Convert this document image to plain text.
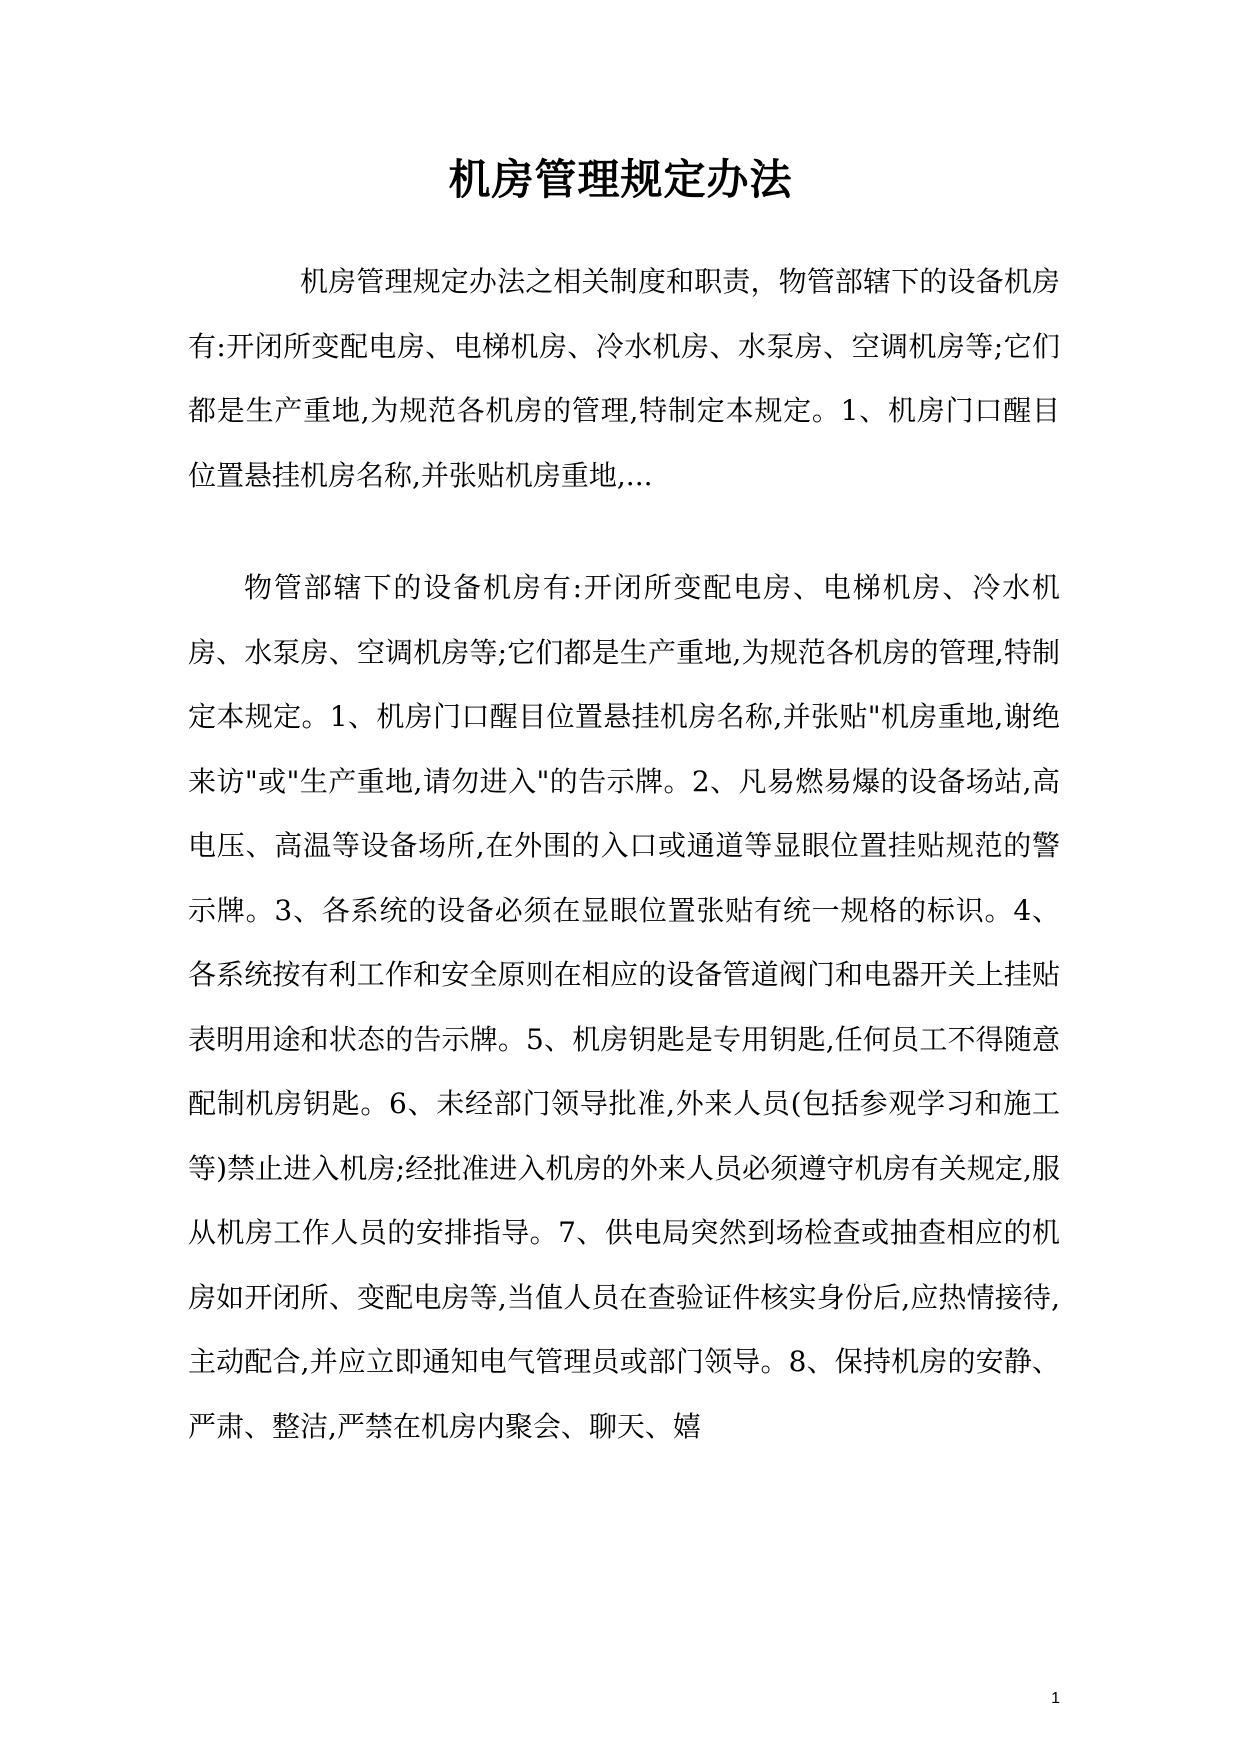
机房管理规定办法

机房管理规定办法之相关制度和职责，物管部辖下的设备机房有:开闭所变配电房、电梯机房、冷水机房、水泵房、空调机房等;它们都是生产重地,为规范各机房的管理,特制定本规定。1、机房门口醒目位置悬挂机房名称,并张贴机房重地,...

物管部辖下的设备机房有:开闭所变配电房、电梯机房、冷水机房、水泵房、空调机房等;它们都是生产重地,为规范各机房的管理,特制定本规定。1、机房门口醒目位置悬挂机房名称,并张贴"机房重地,谢绝来访"或"生产重地,请勿进入"的告示牌。2、凡易燃易爆的设备场站,高电压、高温等设备场所,在外围的入口或通道等显眼位置挂贴规范的警示牌。3、各系统的设备必须在显眼位置张贴有统一规格的标识。4、各系统按有利工作和安全原则在相应的设备管道阀门和电器开关上挂贴表明用途和状态的告示牌。5、机房钥匙是专用钥匙,任何员工不得随意配制机房钥匙。6、未经部门领导批准,外来人员(包括参观学习和施工等)禁止进入机房;经批准进入机房的外来人员必须遵守机房有关规定,服从机房工作人员的安排指导。7、供电局突然到场检查或抽查相应的机房如开闭所、变配电房等,当值人员在查验证件核实身份后,应热情接待,主动配合,并应立即通知电气管理员或部门领导。8、保持机房的安静、严肃、整洁,严禁在机房内聚会、聊天、嬉

1
